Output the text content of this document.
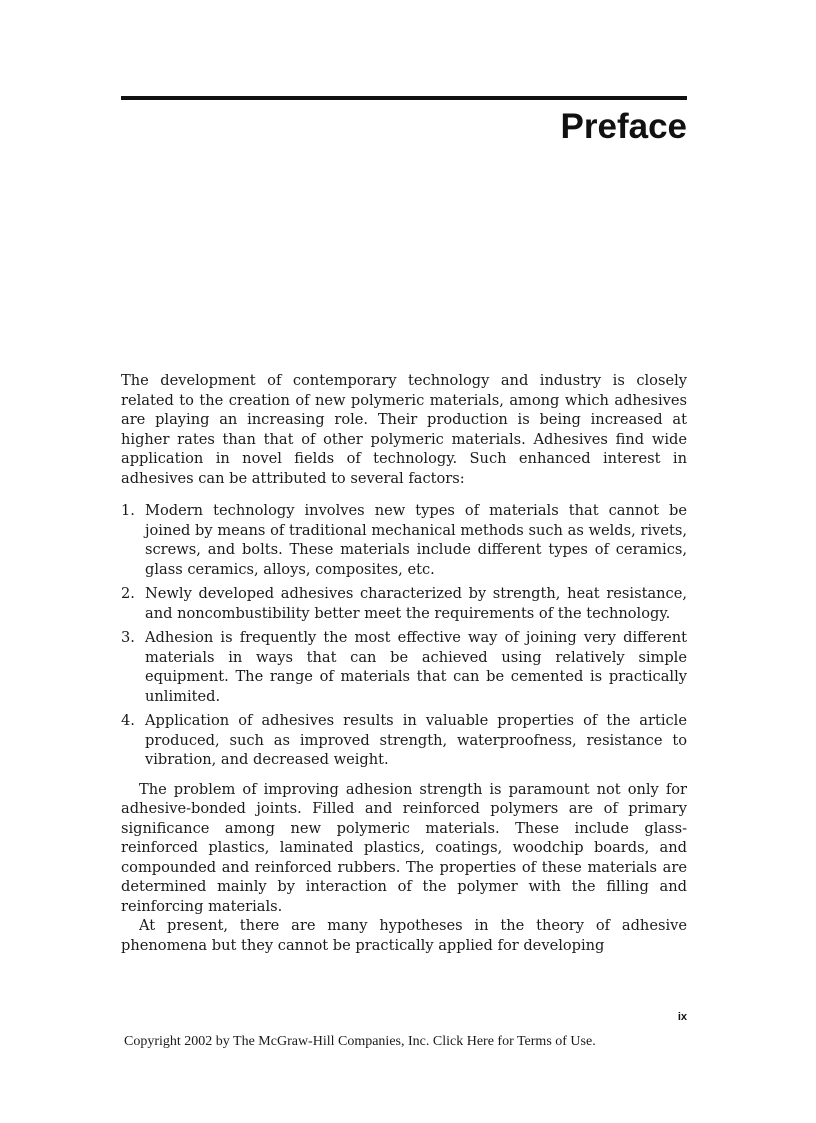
Preface

The development of contemporary technology and industry is closely related to the creation of new polymeric materials, among which adhesives are playing an increasing role. Their production is being increased at higher rates than that of other polymeric materials. Adhesives find wide application in novel fields of technology. Such enhanced interest in adhesives can be attributed to several factors:

1. Modern technology involves new types of materials that cannot be joined by means of traditional mechanical methods such as welds, rivets, screws, and bolts. These materials include different types of ceramics, glass ceramics, alloys, composites, etc.
2. Newly developed adhesives characterized by strength, heat resistance, and noncombustibility better meet the requirements of the technology.
3. Adhesion is frequently the most effective way of joining very different materials in ways that can be achieved using relatively simple equipment. The range of materials that can be cemented is practically unlimited.
4. Application of adhesives results in valuable properties of the article produced, such as improved strength, waterproofness, resistance to vibration, and decreased weight.

The problem of improving adhesion strength is paramount not only for adhesive-bonded joints. Filled and reinforced polymers are of primary significance among new polymeric materials. These include glass-reinforced plastics, laminated plastics, coatings, woodchip boards, and compounded and reinforced rubbers. The properties of these materials are determined mainly by interaction of the polymer with the filling and reinforcing materials.

At present, there are many hypotheses in the theory of adhesive phenomena but they cannot be practically applied for developing

ix
Copyright 2002 by The McGraw-Hill Companies, Inc. Click Here for Terms of Use.
